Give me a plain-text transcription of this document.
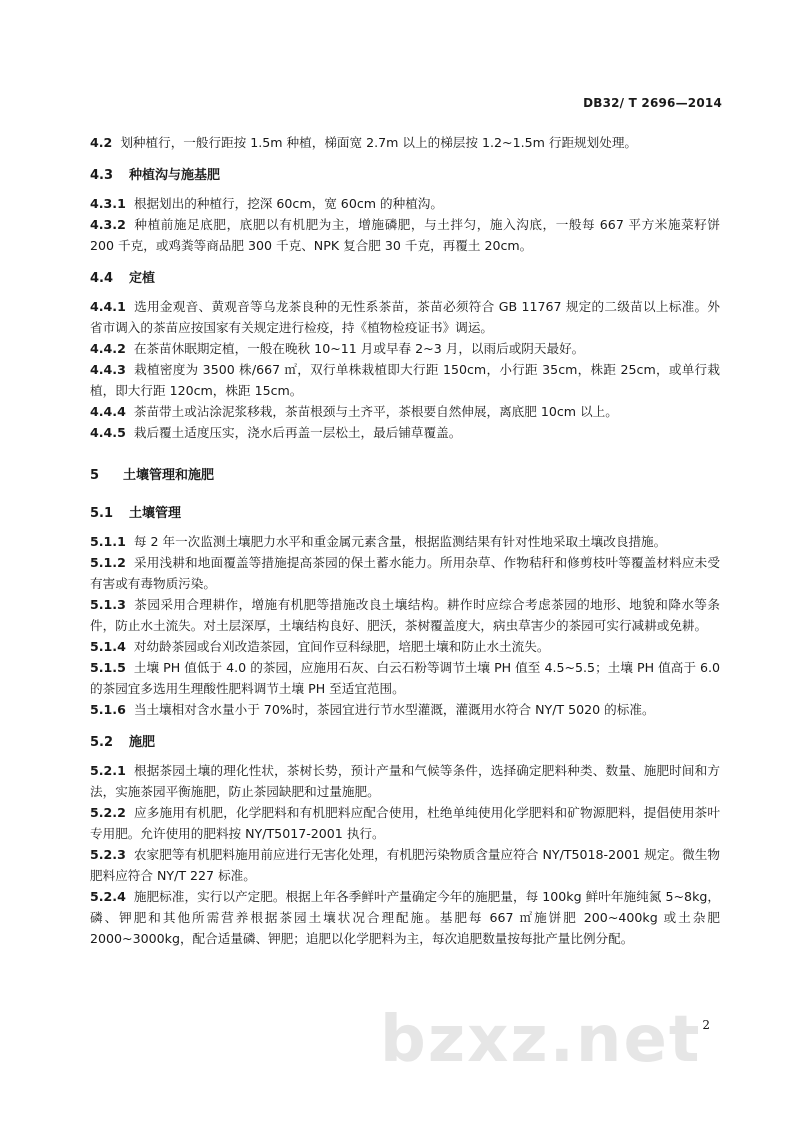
DB32/ T 2696—2014

4.2 划种植行，一般行距按 1.5m 种植，梯面宽 2.7m 以上的梯层按 1.2~1.5m 行距规划处理。

4.3 种植沟与施基肥

4.3.1 根据划出的种植行，挖深 60cm，宽 60cm 的种植沟。

4.3.2 种植前施足底肥，底肥以有机肥为主，增施磷肥，与土拌匀，施入沟底，一般每 667 平方米施菜籽饼 200 千克，或鸡粪等商品肥 300 千克、NPK 复合肥 30 千克，再覆土 20cm。

4.4 定植

4.4.1 选用金观音、黄观音等乌龙茶良种的无性系茶苗，茶苗必须符合 GB 11767 规定的二级苗以上标准。外省市调入的茶苗应按国家有关规定进行检疫，持《植物检疫证书》调运。

4.4.2 在茶苗休眠期定植，一般在晚秋 10~11 月或早春 2~3 月，以雨后或阴天最好。

4.4.3 栽植密度为 3500 株/667 ㎡，双行单株栽植即大行距 150cm，小行距 35cm，株距 25cm，或单行栽植，即大行距 120cm，株距 15cm。

4.4.4 茶苗带土或沾涂泥浆移栽，茶苗根颈与土齐平，茶根要自然伸展，离底肥 10cm 以上。

4.4.5 栽后覆土适度压实，浇水后再盖一层松土，最后铺草覆盖。

5 土壤管理和施肥
5.1 土壤管理

5.1.1 每 2 年一次监测土壤肥力水平和重金属元素含量，根据监测结果有针对性地采取土壤改良措施。

5.1.2 采用浅耕和地面覆盖等措施提高茶园的保土蓄水能力。所用杂草、作物秸秆和修剪枝叶等覆盖材料应未受有害或有毒物质污染。

5.1.3 茶园采用合理耕作，增施有机肥等措施改良土壤结构。耕作时应综合考虑茶园的地形、地貌和降水等条件，防止水土流失。对土层深厚，土壤结构良好、肥沃，茶树覆盖度大，病虫草害少的茶园可实行减耕或免耕。

5.1.4 对幼龄茶园或台刈改造茶园，宜间作豆科绿肥，培肥土壤和防止水土流失。

5.1.5 土壤 PH 值低于 4.0 的茶园，应施用石灰、白云石粉等调节土壤 PH 值至 4.5~5.5；土壤 PH 值高于 6.0 的茶园宜多选用生理酸性肥料调节土壤 PH 至适宜范围。

5.1.6 当土壤相对含水量小于 70%时，茶园宜进行节水型灌溉，灌溉用水符合 NY/T 5020 的标准。

5.2 施肥

5.2.1 根据茶园土壤的理化性状，茶树长势，预计产量和气候等条件，选择确定肥料种类、数量、施肥时间和方法，实施茶园平衡施肥，防止茶园缺肥和过量施肥。

5.2.2 应多施用有机肥，化学肥料和有机肥料应配合使用，杜绝单纯使用化学肥料和矿物源肥料，提倡使用茶叶专用肥。允许使用的肥料按 NY/T5017-2001 执行。

5.2.3 农家肥等有机肥料施用前应进行无害化处理，有机肥污染物质含量应符合 NY/T5018-2001 规定。微生物肥料应符合 NY/T 227 标准。

5.2.4 施肥标准，实行以产定肥。根据上年各季鲜叶产量确定今年的施肥量，每 100kg 鲜叶年施纯氮 5~8kg，磷、钾肥和其他所需营养根据茶园土壤状况合理配施。基肥每 667 ㎡施饼肥 200~400kg 或土杂肥 2000~3000kg，配合适量磷、钾肥；追肥以化学肥料为主，每次追肥数量按每批产量比例分配。

bzxz.net 2
